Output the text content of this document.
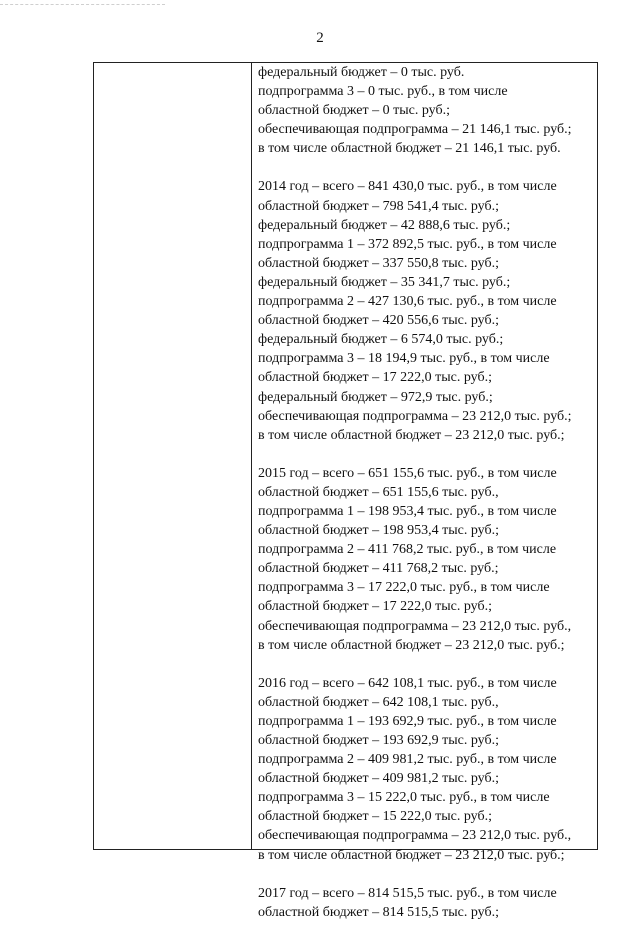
2
федеральный бюджет – 0 тыс. руб.
подпрограмма 3 – 0 тыс. руб., в том числе
областной бюджет – 0 тыс. руб.;
обеспечивающая подпрограмма – 21 146,1 тыс. руб.;
в том числе областной бюджет – 21 146,1 тыс. руб.
2014 год – всего – 841 430,0 тыс. руб., в том числе
областной бюджет – 798 541,4 тыс. руб.;
федеральный бюджет – 42 888,6 тыс. руб.;
подпрограмма 1 – 372 892,5 тыс. руб., в том числе
областной бюджет – 337 550,8 тыс. руб.;
федеральный бюджет – 35 341,7 тыс. руб.;
подпрограмма 2 – 427 130,6 тыс. руб., в том числе
областной бюджет – 420 556,6 тыс. руб.;
федеральный бюджет – 6 574,0 тыс. руб.;
подпрограмма 3 – 18 194,9 тыс. руб., в том числе
областной бюджет – 17 222,0 тыс. руб.;
федеральный бюджет – 972,9 тыс. руб.;
обеспечивающая подпрограмма – 23 212,0 тыс. руб.;
в том числе областной бюджет – 23 212,0 тыс. руб.;
2015 год – всего – 651 155,6 тыс. руб., в том числе
областной бюджет – 651 155,6 тыс. руб.,
подпрограмма 1 – 198 953,4 тыс. руб., в том числе
областной бюджет – 198 953,4 тыс. руб.;
подпрограмма 2 – 411 768,2 тыс. руб., в том числе
областной бюджет – 411 768,2 тыс. руб.;
подпрограмма 3 – 17 222,0 тыс. руб., в том числе
областной бюджет – 17 222,0 тыс. руб.;
обеспечивающая подпрограмма – 23 212,0 тыс. руб.,
в том числе областной бюджет – 23 212,0 тыс. руб.;
2016 год – всего – 642 108,1 тыс. руб., в том числе
областной бюджет – 642 108,1 тыс. руб.,
подпрограмма 1 – 193 692,9 тыс. руб., в том числе
областной бюджет – 193 692,9 тыс. руб.;
подпрограмма 2 – 409 981,2 тыс. руб., в том числе
областной бюджет – 409 981,2 тыс. руб.;
подпрограмма 3 – 15 222,0 тыс. руб., в том числе
областной бюджет – 15 222,0 тыс. руб.;
обеспечивающая подпрограмма – 23 212,0 тыс. руб.,
в том числе областной бюджет – 23 212,0 тыс. руб.;
2017 год – всего – 814 515,5 тыс. руб., в том числе
областной бюджет – 814 515,5 тыс. руб.;
